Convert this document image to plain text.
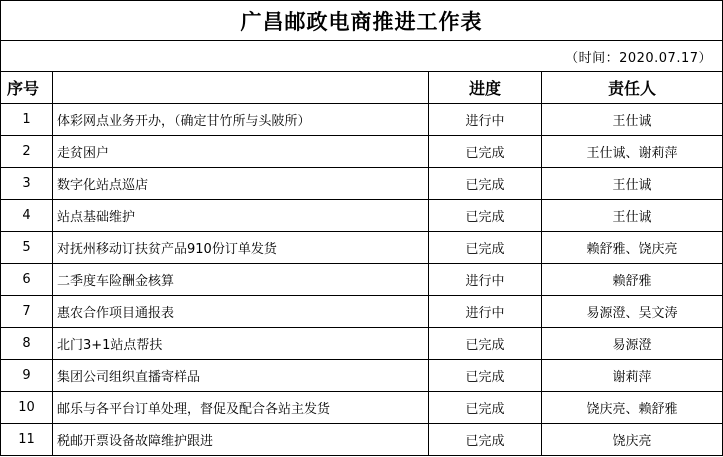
广昌邮政电商推进工作表			
（时间：2020.07.17）			
序号		进度	责任人
1	体彩网点业务开办，（确定甘竹所与头陂所）	进行中	王仕诚
2	走贫困户	已完成	王仕诚、谢莉萍
3	数字化站点巡店	已完成	王仕诚
4	站点基础维护	已完成	王仕诚
5	对抚州移动订扶贫产品910份订单发货	已完成	赖舒雅、饶庆亮
6	二季度车险酬金核算	进行中	赖舒雅
7	惠农合作项目通报表	进行中	易源澄、吴文涛
8	北门3+1站点帮扶	已完成	易源澄
9	集团公司组织直播寄样品	已完成	谢莉萍
10	邮乐与各平台订单处理，督促及配合各站主发货	已完成	饶庆亮、赖舒雅
11	税邮开票设备故障维护跟进	已完成	饶庆亮
